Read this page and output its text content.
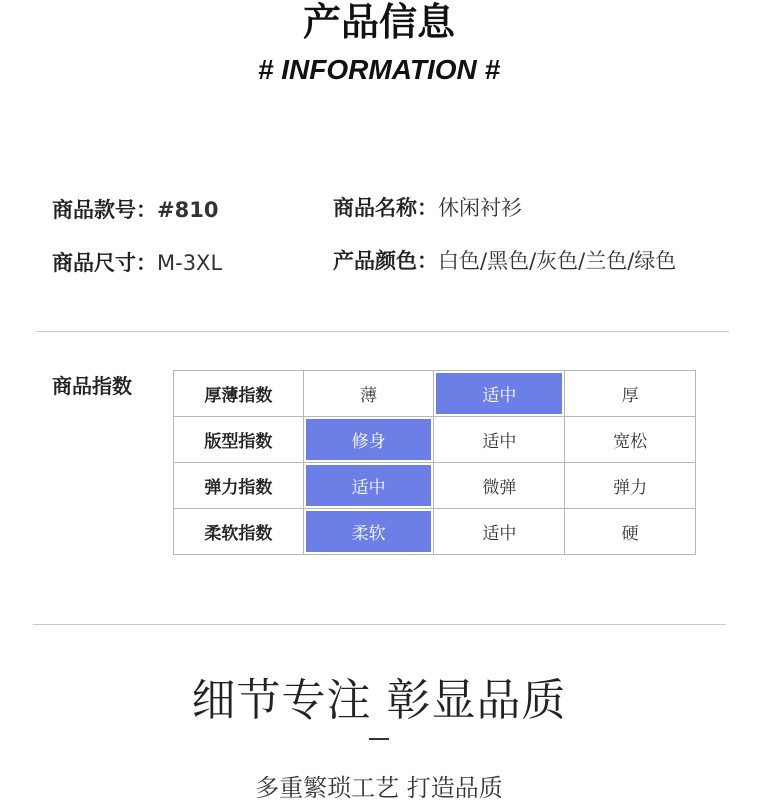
产品信息
# INFORMATION #
商品款号：#810	商品名称：休闲衬衫
商品尺寸：M-3XL	产品颜色：白色/黑色/灰色/兰色/绿色
商品指数	厚薄指数	薄	适中	厚
版型指数	修身	适中	宽松
弹力指数	适中	微弹	弹力
柔软指数	柔软	适中	硬
细节专注 彰显品质
多重繁琐工艺 打造品质
